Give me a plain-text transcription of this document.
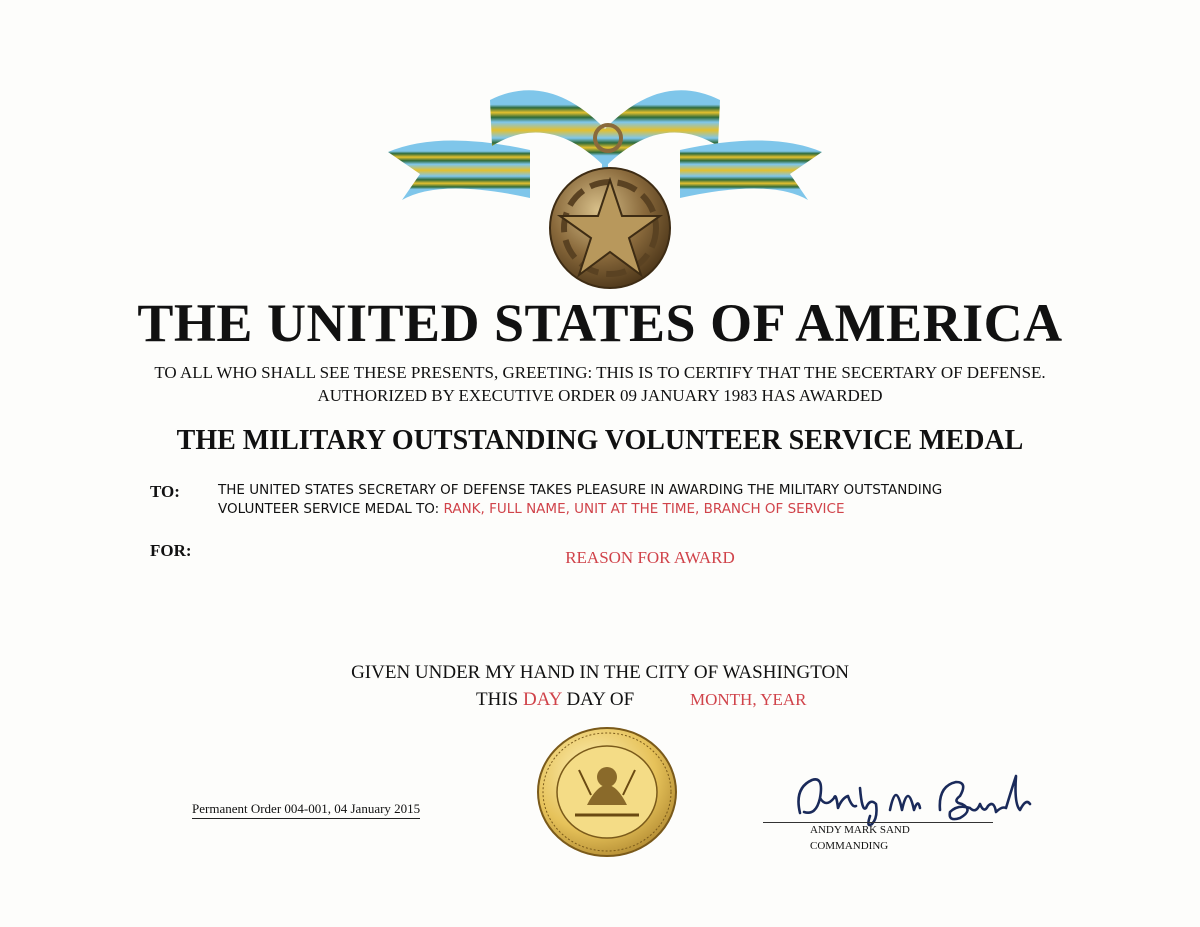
THE UNITED STATES OF AMERICA
TO ALL WHO SHALL SEE THESE PRESENTS, GREETING: THIS IS TO CERTIFY THAT THE SECERTARY OF DEFENSE.
AUTHORIZED BY EXECUTIVE ORDER 09 JANUARY 1983 HAS AWARDED
THE MILITARY OUTSTANDING VOLUNTEER SERVICE MEDAL
TO:	THE UNITED STATES SECRETARY OF DEFENSE TAKES PLEASURE IN AWARDING THE MILITARY OUTSTANDING
VOLUNTEER SERVICE MEDAL TO: RANK, FULL NAME, UNIT AT THE TIME, BRANCH OF SERVICE
FOR:	REASON FOR AWARD
GIVEN UNDER MY HAND IN THE CITY OF WASHINGTON
THIS DAY DAY OF	MONTH, YEAR
Permanent Order 004-001, 04 January 2015
ANDY MARK SAND
COMMANDING
